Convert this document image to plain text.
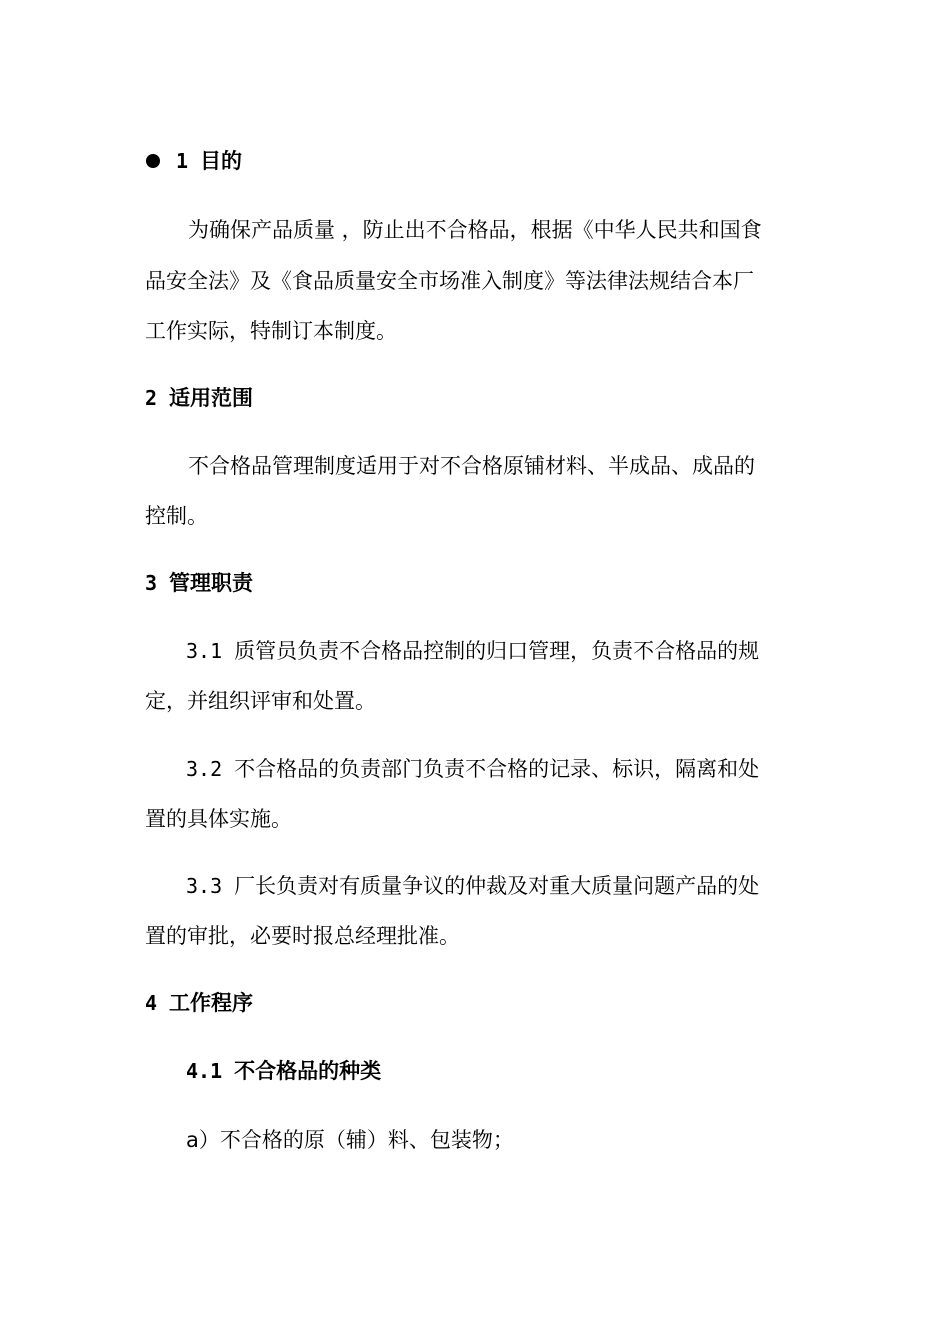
1 目的
为确保产品质量 ，防止出不合格品，根据《中华人民共和国食
品安全法》及《食品质量安全市场准入制度》等法律法规结合本厂
工作实际，特制订本制度。
2 适用范围
不合格品管理制度适用于对不合格原铺材料、半成品、成品的
控制。
3 管理职责
3.1 质管员负责不合格品控制的归口管理，负责不合格品的规
定，并组织评审和处置。
3.2 不合格品的负责部门负责不合格的记录、标识，隔离和处
置的具体实施。
3.3 厂长负责对有质量争议的仲裁及对重大质量问题产品的处
置的审批，必要时报总经理批准。
4 工作程序
4.1 不合格品的种类
a）不合格的原（辅）料、包装物；
